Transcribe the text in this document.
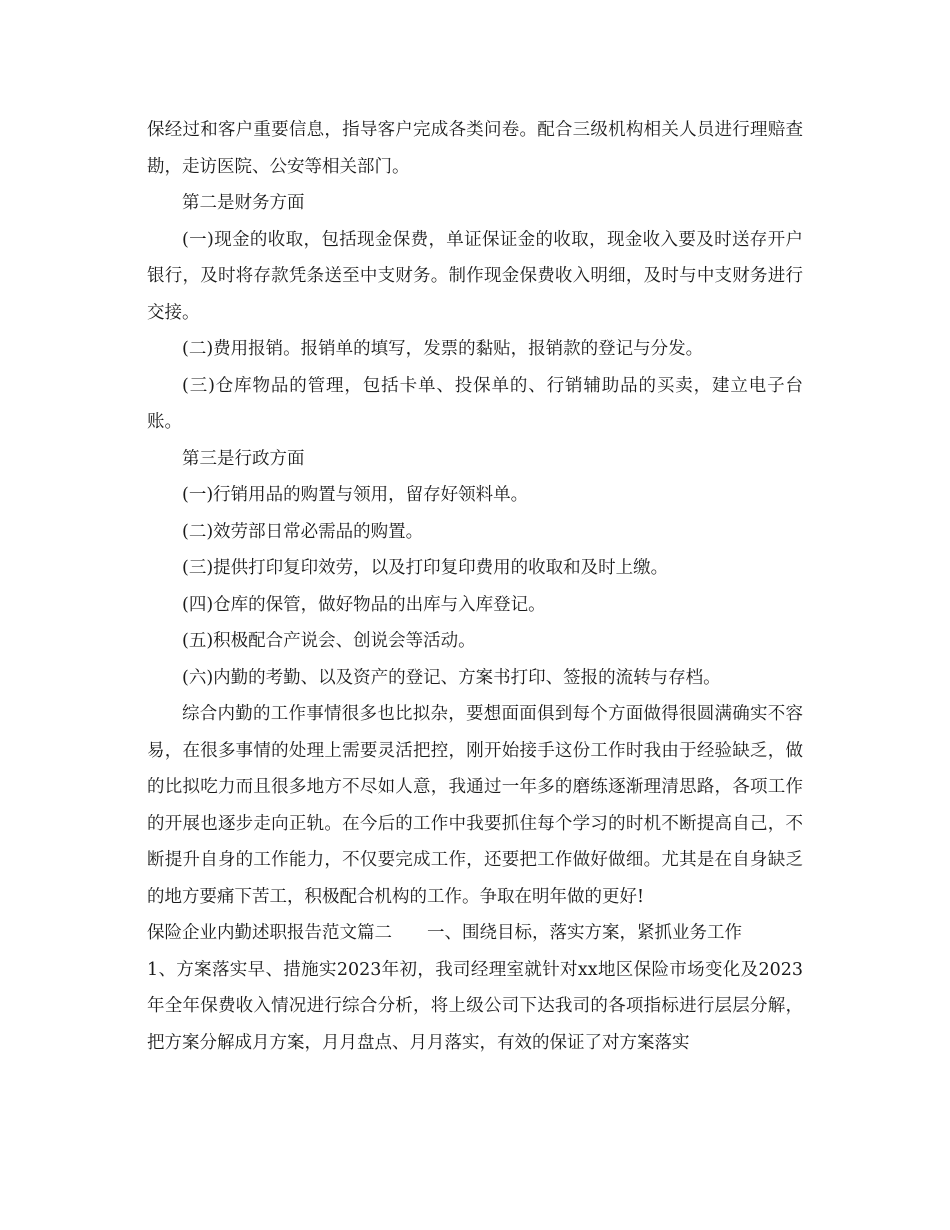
保经过和客户重要信息，指导客户完成各类问卷。配合三级机构相关人员进行理赔查勘，走访医院、公安等相关部门。

第二是财务方面

(一)现金的收取，包括现金保费，单证保证金的收取，现金收入要及时送存开户银行，及时将存款凭条送至中支财务。制作现金保费收入明细，及时与中支财务进行交接。

(二)费用报销。报销单的填写，发票的黏贴，报销款的登记与分发。

(三)仓库物品的管理，包括卡单、投保单的、行销辅助品的买卖，建立电子台账。

第三是行政方面

(一)行销用品的购置与领用，留存好领料单。

(二)效劳部日常必需品的购置。

(三)提供打印复印效劳，以及打印复印费用的收取和及时上缴。

(四)仓库的保管，做好物品的出库与入库登记。

(五)积极配合产说会、创说会等活动。

(六)内勤的考勤、以及资产的登记、方案书打印、签报的流转与存档。

综合内勤的工作事情很多也比拟杂，要想面面俱到每个方面做得很圆满确实不容易，在很多事情的处理上需要灵活把控，刚开始接手这份工作时我由于经验缺乏，做的比拟吃力而且很多地方不尽如人意，我通过一年多的磨练逐渐理清思路，各项工作的开展也逐步走向正轨。在今后的工作中我要抓住每个学习的时机不断提高自己，不断提升自身的工作能力，不仅要完成工作，还要把工作做好做细。尤其是在自身缺乏的地方要痛下苦工，积极配合机构的工作。争取在明年做的更好!

保险企业内勤述职报告范文篇二　　一、围绕目标，落实方案，紧抓业务工作

1、方案落实早、措施实2023年初，我司经理室就针对xx地区保险市场变化及2023年全年保费收入情况进行综合分析，将上级公司下达我司的各项指标进行层层分解，把方案分解成月方案，月月盘点、月月落实，有效的保证了对方案落实
